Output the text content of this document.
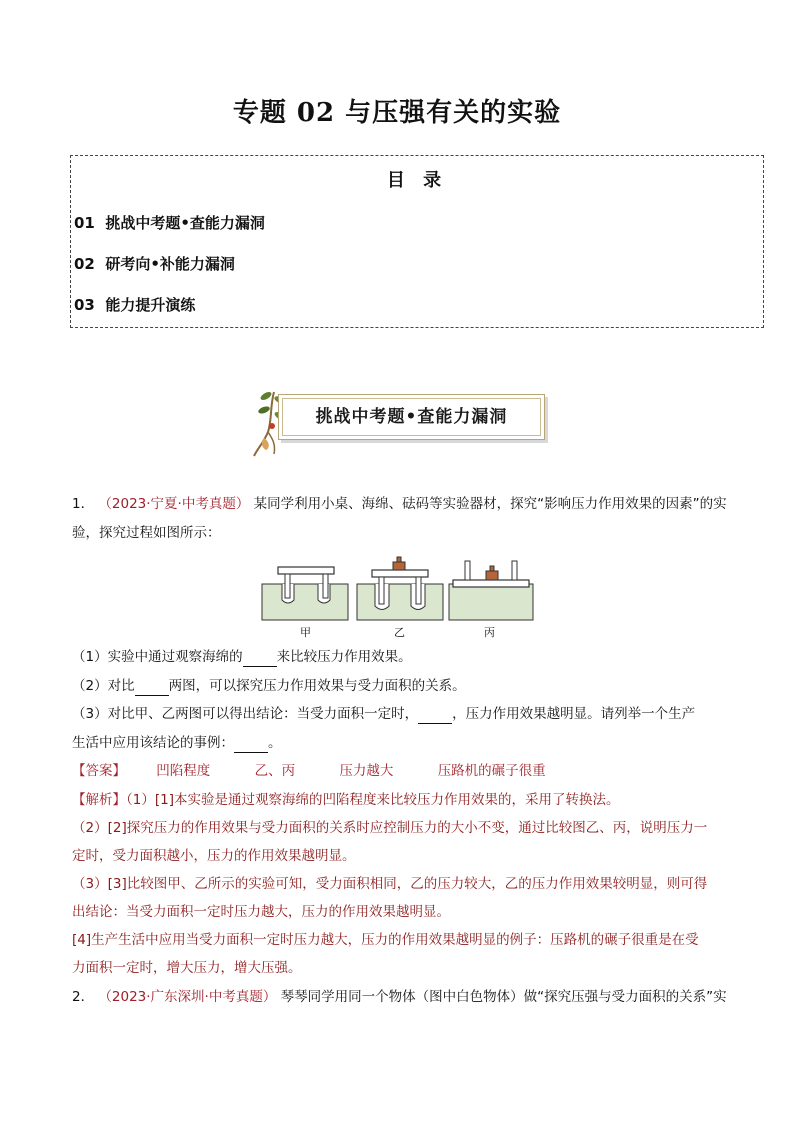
专题 02 与压强有关的实验
目 录
01 挑战中考题•查能力漏洞
02 研考向•补能力漏洞
03 能力提升演练
挑战中考题•查能力漏洞
1． （2023·宁夏·中考真题） 某同学利用小桌、海绵、砝码等实验器材，探究“影响压力作用效果的因素”的实
验，探究过程如图所示：
甲	乙	丙
（1）实验中通过观察海绵的	来比较压力作用效果。
（2）对比	两图，可以探究压力作用效果与受力面积的关系。
（3）对比甲、乙两图可以得出结论：当受力面积一定时，	，压力作用效果越明显。请列举一个生产
生活中应用该结论的事例：	。
【答案】 凹陷程度	乙、丙	压力越大	压路机的碾子很重
【解析】（1）[1]本实验是通过观察海绵的凹陷程度来比较压力作用效果的，采用了转换法。
（2）[2]探究压力的作用效果与受力面积的关系时应控制压力的大小不变，通过比较图乙、丙，说明压力一
定时，受力面积越小，压力的作用效果越明显。
（3）[3]比较图甲、乙所示的实验可知，受力面积相同，乙的压力较大，乙的压力作用效果较明显，则可得
出结论：当受力面积一定时压力越大，压力的作用效果越明显。
[4]生产生活中应用当受力面积一定时压力越大，压力的作用效果越明显的例子：压路机的碾子很重是在受
力面积一定时，增大压力，增大压强。
2． （2023·广东深圳·中考真题） 琴琴同学用同一个物体（图中白色物体）做“探究压强与受力面积的关系”实
